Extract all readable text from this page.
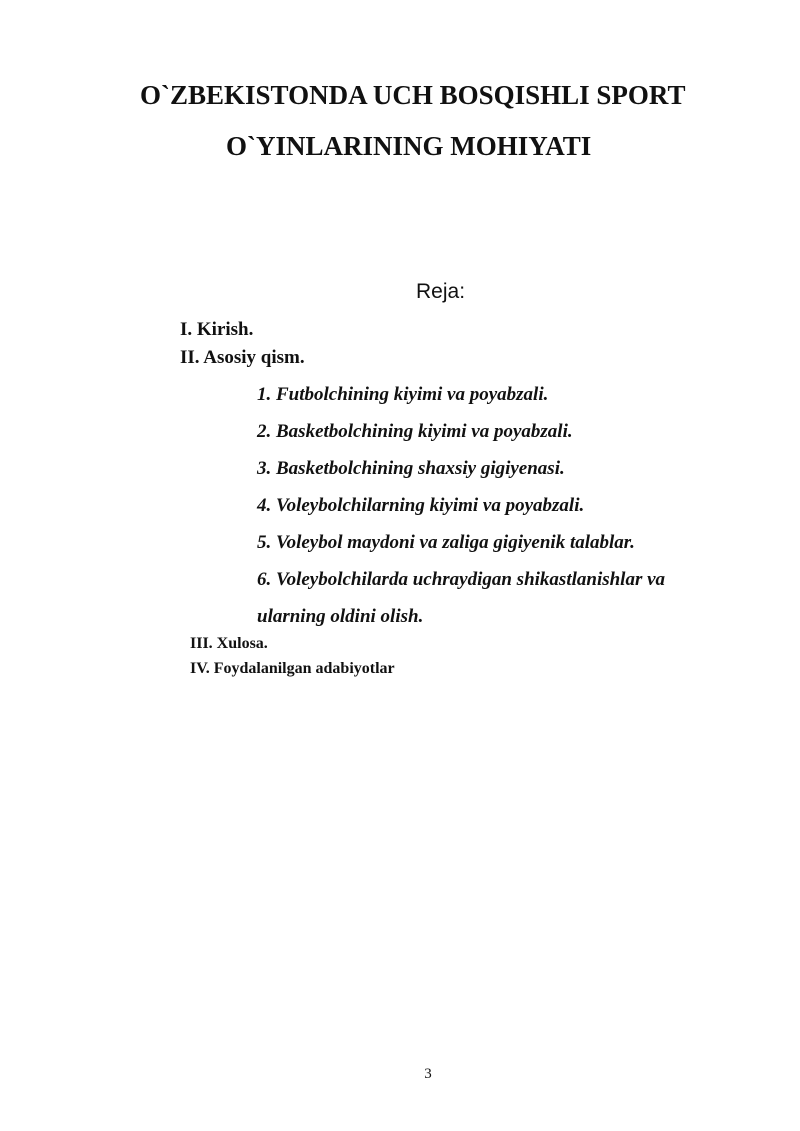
O`ZBEKISTONDA UCH BOSQISHLI SPORT
O`YINLARINING MOHIYATI

Reja:

I. Kirish.
II. Asosiy qism.
1. Futbolchining kiyimi va poyabzali.
2. Basketbolchining kiyimi va poyabzali.
3. Basketbolchining shaxsiy gigiyenasi.
4. Voleybolchilarning kiyimi va poyabzali.
5. Voleybol maydoni va zaliga gigiyenik talablar.
6. Voleybolchilarda uchraydigan shikastlanishlar va
ularning oldini olish.
III. Xulosa.
IV. Foydalanilgan adabiyotlar
3
